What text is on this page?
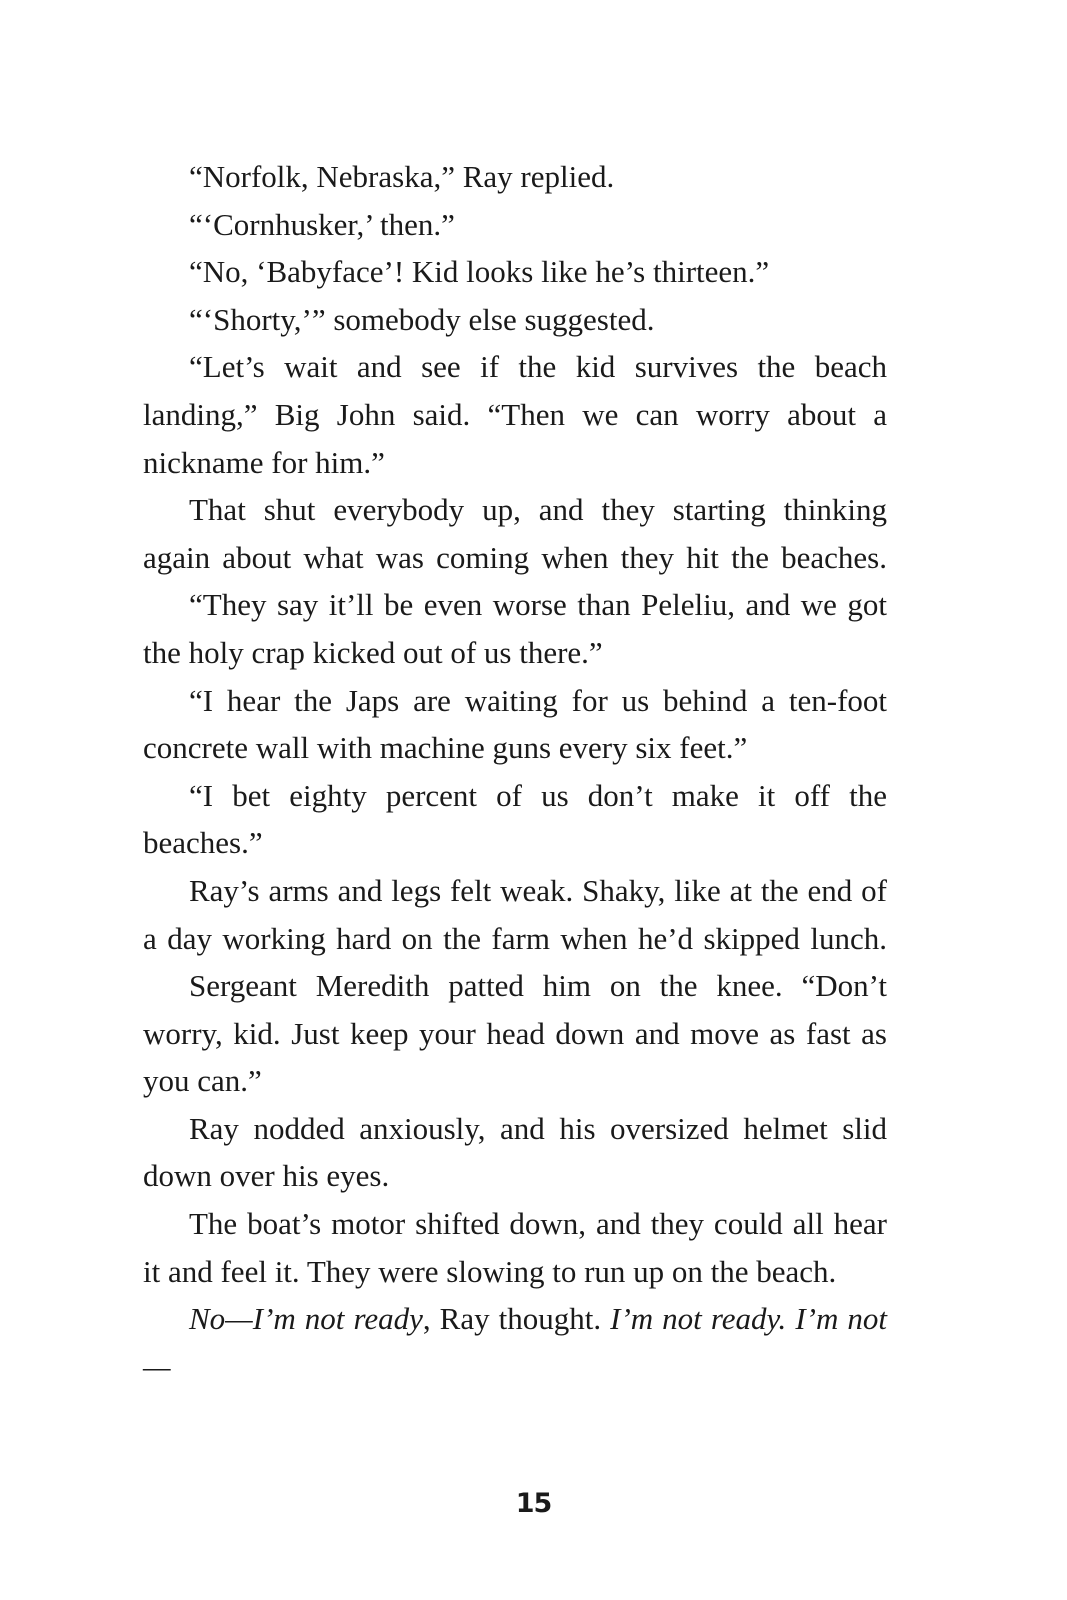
“Norfolk, Nebraska,” Ray replied.

“‘Cornhusker,’ then.”

“No, ‘Babyface’! Kid looks like he’s thirteen.”

“‘Shorty,’” somebody else suggested.

“Let’s wait and see if the kid survives the beach landing,” Big John said. “Then we can worry about a nickname for him.”

That shut everybody up, and they starting thinking again about what was coming when they hit the beaches.

“They say it’ll be even worse than Peleliu, and we got the holy crap kicked out of us there.”

“I hear the Japs are waiting for us behind a ten-foot concrete wall with machine guns every six feet.”

“I bet eighty percent of us don’t make it off the beaches.”

Ray’s arms and legs felt weak. Shaky, like at the end of a day working hard on the farm when he’d skipped lunch.

Sergeant Meredith patted him on the knee. “Don’t worry, kid. Just keep your head down and move as fast as you can.”

Ray nodded anxiously, and his oversized helmet slid down over his eyes.

The boat’s motor shifted down, and they could all hear it and feel it. They were slowing to run up on the beach.

No—I’m not ready, Ray thought. I’m not ready. I’m not—

15
